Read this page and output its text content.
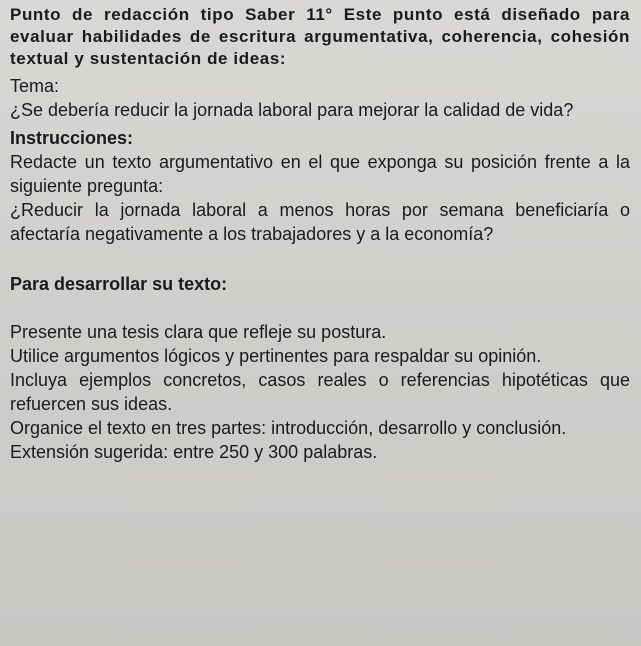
Punto de redacción tipo Saber 11° Este punto está diseñado para evaluar habilidades de escritura argumentativa, coherencia, cohesión textual y sustentación de ideas:

Tema:

¿Se debería reducir la jornada laboral para mejorar la calidad de vida?

Instrucciones:

Redacte un texto argumentativo en el que exponga su posición frente a la siguiente pregunta:

¿Reducir la jornada laboral a menos horas por semana beneficiaría o afectaría negativamente a los trabajadores y a la economía?

Para desarrollar su texto:

Presente una tesis clara que refleje su postura.

Utilice argumentos lógicos y pertinentes para respaldar su opinión.

Incluya ejemplos concretos, casos reales o referencias hipotéticas que refuercen sus ideas.

Organice el texto en tres partes: introducción, desarrollo y conclusión.

Extensión sugerida: entre 250 y 300 palabras.
